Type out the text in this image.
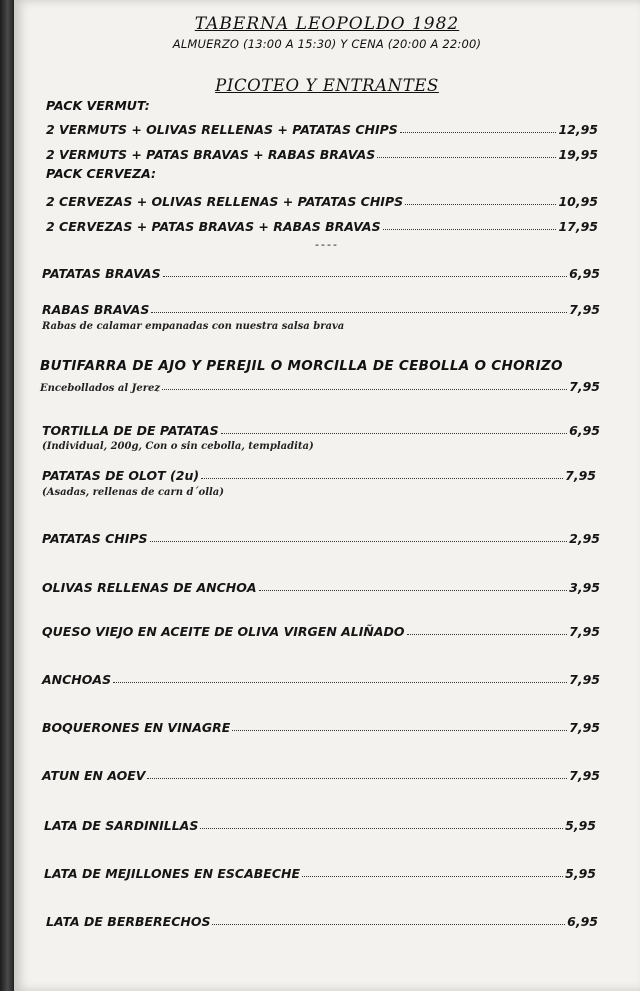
TABERNA LEOPOLDO 1982
ALMUERZO (13:00 A 15:30) Y CENA (20:00 A 22:00)
PICOTEO Y ENTRANTES
PACK VERMUT:
2 VERMUTS + OLIVAS RELLENAS + PATATAS CHIPS	12,95
2 VERMUTS + PATAS BRAVAS + RABAS BRAVAS	19,95
PACK CERVEZA:
2 CERVEZAS + OLIVAS RELLENAS + PATATAS CHIPS	10,95
2 CERVEZAS + PATAS BRAVAS + RABAS BRAVAS	17,95
----
PATATAS BRAVAS	6,95
RABAS BRAVAS	7,95
Rabas de calamar empanadas con nuestra salsa brava
BUTIFARRA DE AJO Y PEREJIL O MORCILLA DE CEBOLLA O CHORIZO
Encebollados al Jerez	7,95
TORTILLA DE DE PATATAS	6,95
(Individual, 200g, Con o sin cebolla, templadita)
PATATAS DE OLOT (2u)	7,95
(Asadas, rellenas de carn d´olla)
PATATAS CHIPS	2,95
OLIVAS RELLENAS DE ANCHOA	3,95
QUESO VIEJO EN ACEITE DE OLIVA VIRGEN ALIÑADO	7,95
ANCHOAS	7,95
BOQUERONES EN VINAGRE	7,95
ATUN EN AOEV	7,95
LATA DE SARDINILLAS	5,95
LATA DE MEJILLONES EN ESCABECHE	5,95
LATA DE BERBERECHOS	6,95
